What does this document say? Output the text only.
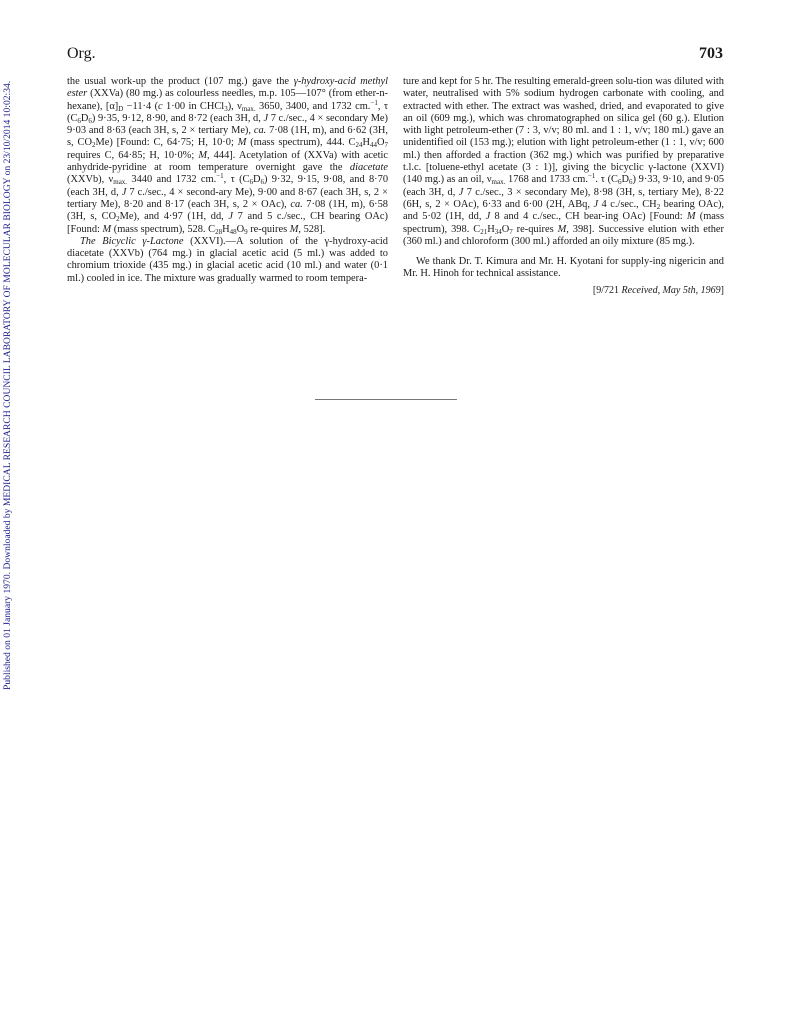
Published on 01 January 1970. Downloaded by MEDICAL RESEARCH COUNCIL LABORATORY OF MOLECULAR BIOLOGY on 23/10/2014 10:02:34.
Org.	703

the usual work-up the product (107 mg.) gave the γ-hydroxy-acid methyl ester (XXVa) (80 mg.) as colourless needles, m.p. 105—107° (from ether-n-hexane), $[\alpha]_D -11\cdot 4$ (c 1·00 in CHCl$_3$), $\nu_{max.}$ 3650, 3400, and 1732 cm.$^{-1}$, τ $(C_6D_6)$ 9·35, 9·12, 8·90, and 8·72 (each 3H, d, J 7 c./sec., 4 × secondary Me) 9·03 and 8·63 (each 3H, s, 2 × tertiary Me), ca. 7·08 (1H, m), and 6·62 (3H, s, $CO_2Me$) [Found: C, 64·75; H, 10·0; M (mass spectrum), 444. $C_{24}H_{44}O_7$ requires C, 64·85; H, 10·0%; M, 444]. Acetylation of (XXVa) with acetic anhydride-pyridine at room temperature overnight gave the diacetate (XXVb), $\nu_{max.}$ 3440 and 1732 cm.$^{-1}$, τ $(C_6D_6)$ 9·32, 9·15, 9·08, and 8·70 (each 3H, d, J 7 c./sec., 4 × second-ary Me), 9·00 and 8·67 (each 3H, s, 2 × tertiary Me), 8·20 and 8·17 (each 3H, s, 2 × OAc), ca. 7·08 (1H, m), 6·58 (3H, s, $CO_2Me$), and 4·97 (1H, dd, J 7 and 5 c./sec., CH bearing OAc) [Found: M (mass spectrum), 528. $C_{28}H_{48}O_9$ re-quires M, 528].

The Bicyclic γ-Lactone (XXVI).—A solution of the γ-hydroxy-acid diacetate (XXVb) (764 mg.) in glacial acetic acid (5 ml.) was added to chromium trioxide (435 mg.) in glacial acetic acid (10 ml.) and water (0·1 ml.) cooled in ice. The mixture was gradually warmed to room tempera-

ture and kept for 5 hr. The resulting emerald-green solu-tion was diluted with water, neutralised with 5% sodium hydrogen carbonate with cooling, and extracted with ether. The extract was washed, dried, and evaporated to give an oil (609 mg.), which was chromatographed on silica gel (60 g.). Elution with light petroleum-ether (7 : 3, v/v; 80 ml. and 1 : 1, v/v; 180 ml.) gave an unidentified oil (153 mg.); elution with light petroleum-ether (1 : 1, v/v; 600 ml.) then afforded a fraction (362 mg.) which was purified by preparative t.l.c. [toluene-ethyl acetate (3 : 1)], giving the bicyclic γ-lactone (XXVI) (140 mg.) as an oil, $\nu_{max.}$ 1768 and 1733 cm.$^{-1}$. τ $(C_6D_6)$ 9·33, 9·10, and 9·05 (each 3H, d, J 7 c./sec., 3 × secondary Me), 8·98 (3H, s, tertiary Me), 8·22 (6H, s, 2 × OAc), 6·33 and 6·00 (2H, ABq, J 4 c./sec., $CH_2$ bearing OAc), and 5·02 (1H, dd, J 8 and 4 c./sec., CH bear-ing OAc) [Found: M (mass spectrum), 398. $C_{21}H_{34}O_7$ re-quires M, 398]. Successive elution with ether (360 ml.) and chloroform (300 ml.) afforded an oily mixture (85 mg.).

We thank Dr. T. Kimura and Mr. H. Kyotani for supply-ing nigericin and Mr. H. Hinoh for technical assistance.

[9/721 Received, May 5th, 1969]
